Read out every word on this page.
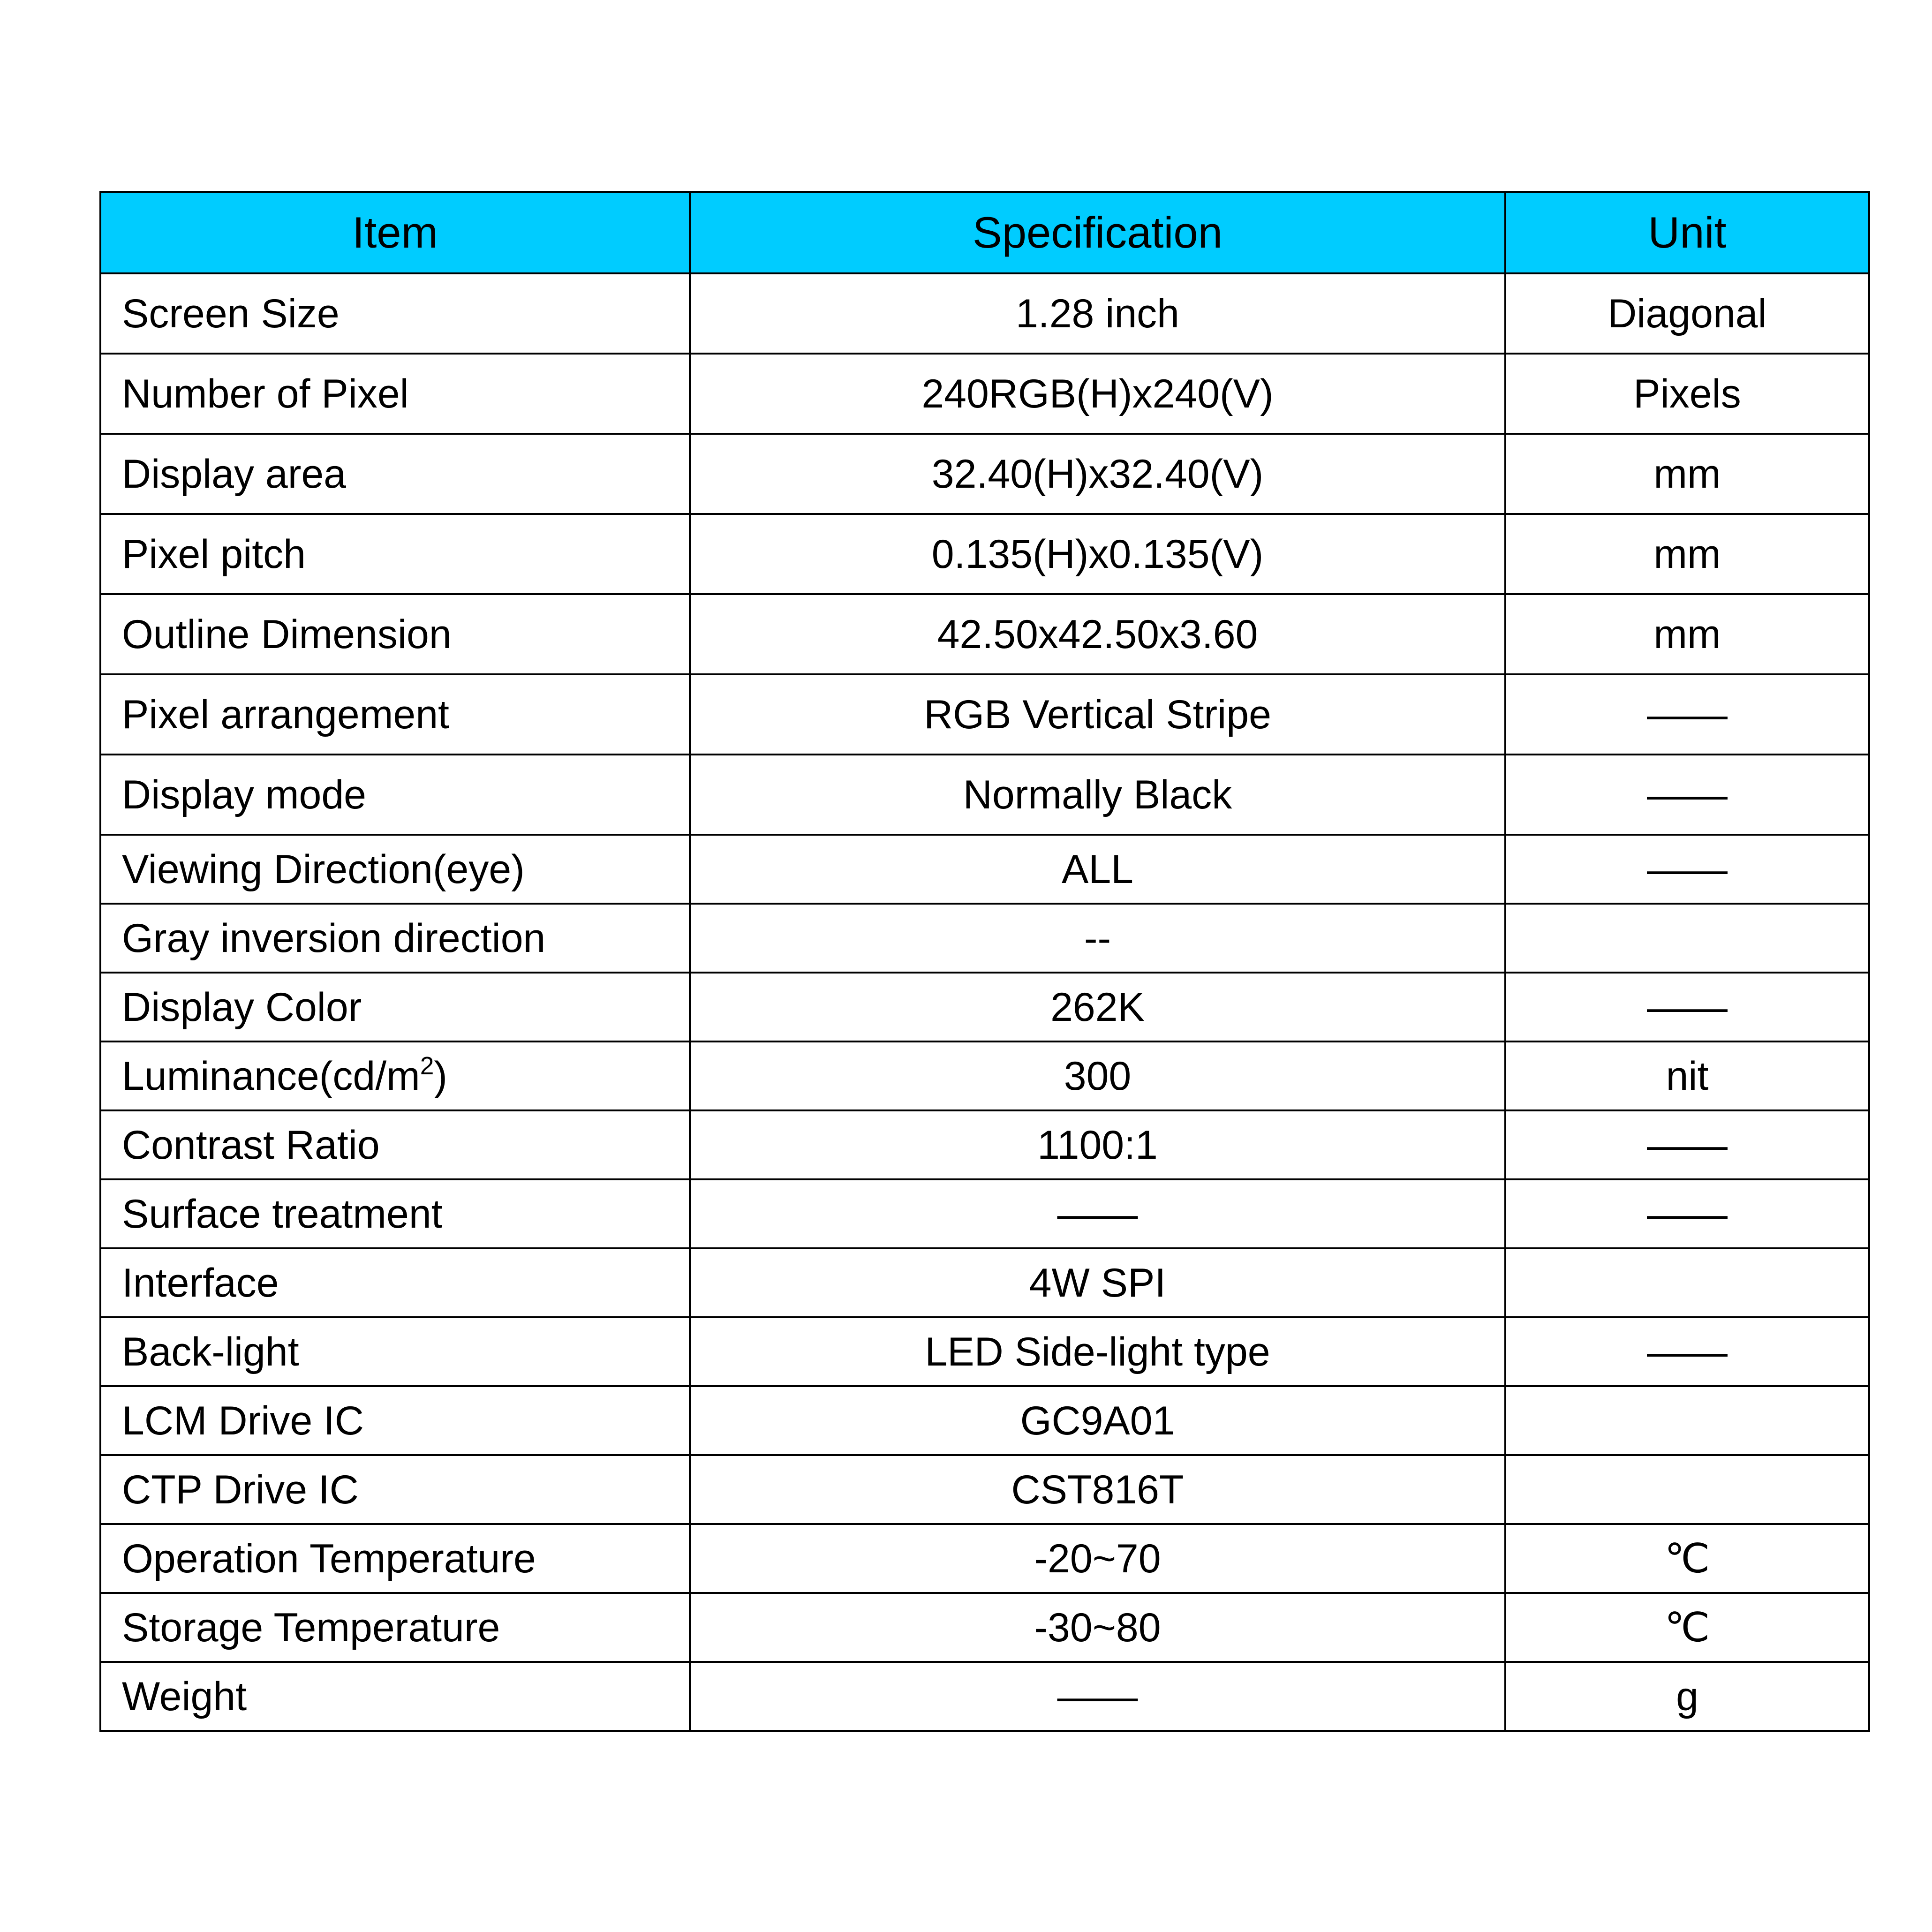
Item	Specification	Unit
Screen Size	1.28 inch	Diagonal
Number of Pixel	240RGB(H)x240(V)	Pixels
Display area	32.40(H)x32.40(V)	mm
Pixel pitch	0.135(H)x0.135(V)	mm
Outline Dimension	42.50x42.50x3.60	mm
Pixel arrangement	RGB Vertical Stripe	——
Display mode	Normally Black	——
Viewing Direction(eye)	ALL	——
Gray inversion direction	--	
Display Color	262K	——
$Luminance(cd/m^2)$	300	nit
Contrast Ratio	1100:1	——
Surface treatment	——	——
Interface	4W SPI	
Back-light	LED Side-light type	——
LCM Drive IC	GC9A01	
CTP Drive IC	CST816T	
Operation Temperature	-20~70	℃
Storage Temperature	-30~80	℃
Weight	——	g
